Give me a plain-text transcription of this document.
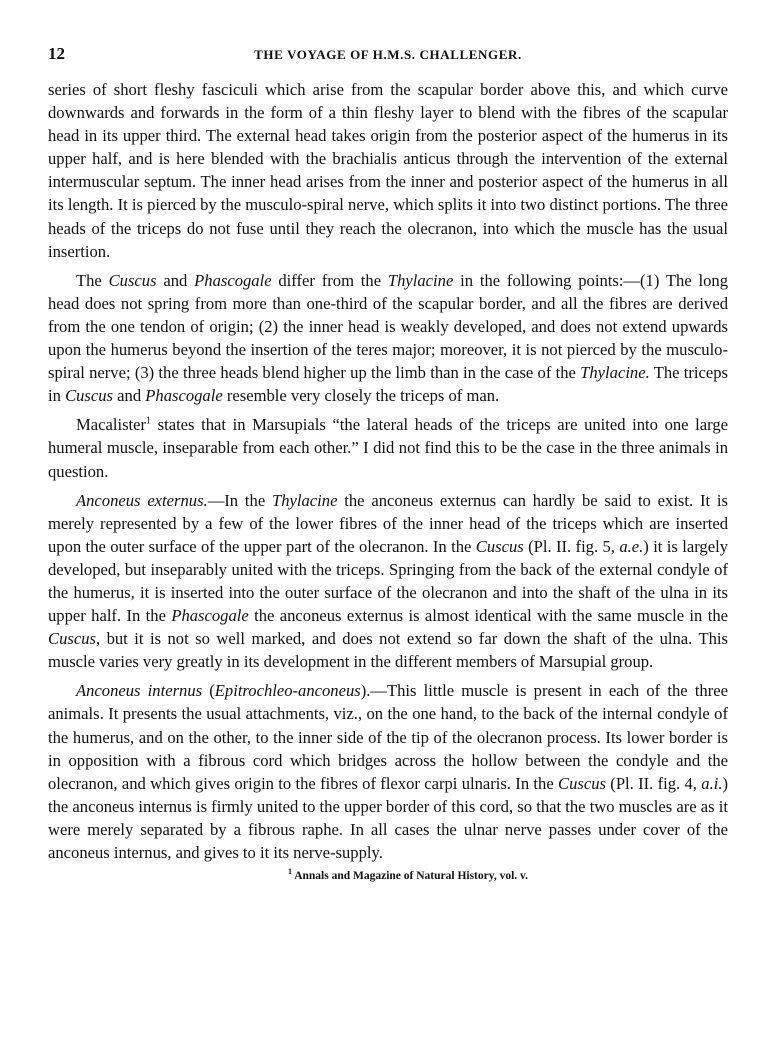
12	THE VOYAGE OF H.M.S. CHALLENGER.

series of short fleshy fasciculi which arise from the scapular border above this, and which curve downwards and forwards in the form of a thin fleshy layer to blend with the fibres of the scapular head in its upper third. The external head takes origin from the posterior aspect of the humerus in its upper half, and is here blended with the brachialis anticus through the intervention of the external intermuscular septum. The inner head arises from the inner and posterior aspect of the humerus in all its length. It is pierced by the musculo-spiral nerve, which splits it into two distinct portions. The three heads of the triceps do not fuse until they reach the olecranon, into which the muscle has the usual insertion.

The Cuscus and Phascogale differ from the Thylacine in the following points:—(1) The long head does not spring from more than one-third of the scapular border, and all the fibres are derived from the one tendon of origin; (2) the inner head is weakly developed, and does not extend upwards upon the humerus beyond the insertion of the teres major; moreover, it is not pierced by the musculo-spiral nerve; (3) the three heads blend higher up the limb than in the case of the Thylacine. The triceps in Cuscus and Phascogale resemble very closely the triceps of man.

Macalister$^1$ states that in Marsupials “the lateral heads of the triceps are united into one large humeral muscle, inseparable from each other.” I did not find this to be the case in the three animals in question.

Anconeus externus.—In the Thylacine the anconeus externus can hardly be said to exist. It is merely represented by a few of the lower fibres of the inner head of the triceps which are inserted upon the outer surface of the upper part of the olecranon. In the Cuscus (Pl. II. fig. 5, a.e.) it is largely developed, but inseparably united with the triceps. Springing from the back of the external condyle of the humerus, it is inserted into the outer surface of the olecranon and into the shaft of the ulna in its upper half. In the Phascogale the anconeus externus is almost identical with the same muscle in the Cuscus, but it is not so well marked, and does not extend so far down the shaft of the ulna. This muscle varies very greatly in its development in the different members of Marsupial group.

Anconeus internus (Epitrochleo-anconeus).—This little muscle is present in each of the three animals. It presents the usual attachments, viz., on the one hand, to the back of the internal condyle of the humerus, and on the other, to the inner side of the tip of the olecranon process. Its lower border is in opposition with a fibrous cord which bridges across the hollow between the condyle and the olecranon, and which gives origin to the fibres of flexor carpi ulnaris. In the Cuscus (Pl. II. fig. 4, a.i.) the anconeus internus is firmly united to the upper border of this cord, so that the two muscles are as it were merely separated by a fibrous raphe. In all cases the ulnar nerve passes under cover of the anconeus internus, and gives to it its nerve-supply.

$^1$ Annals and Magazine of Natural History, vol. v.
